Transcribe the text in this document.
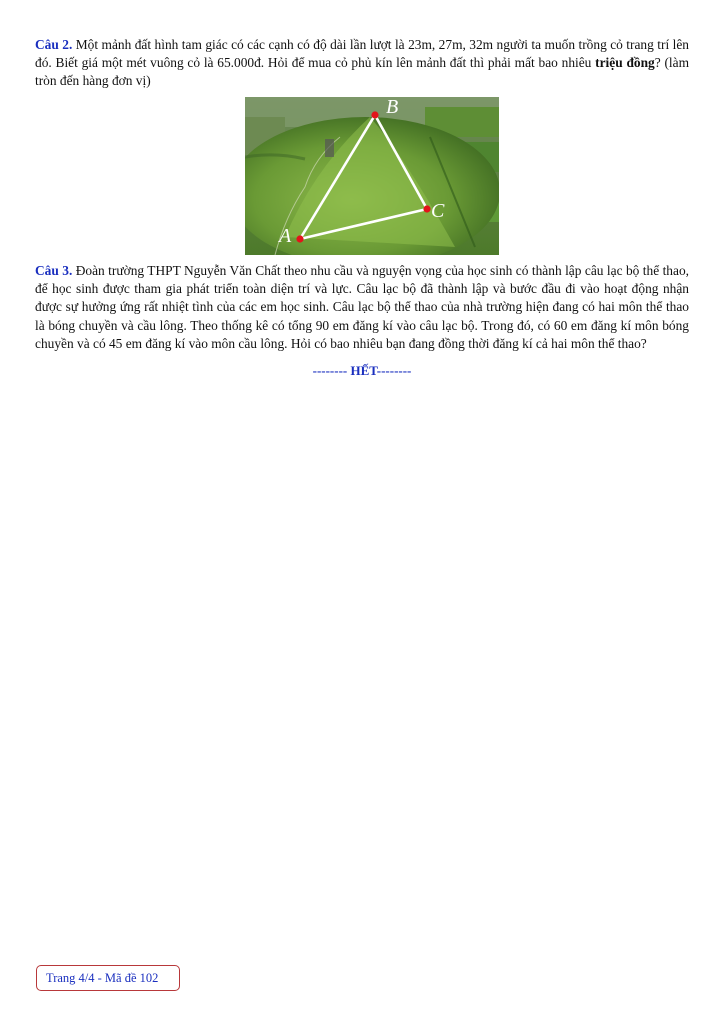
Câu 2. Một mảnh đất hình tam giác có các cạnh có độ dài lần lượt là 23m, 27m, 32m người ta muốn trồng cỏ trang trí lên đó. Biết giá một mét vuông cỏ là 65.000đ. Hỏi để mua cỏ phủ kín lên mảnh đất thì phải mất bao nhiêu triệu đồng? (làm tròn đến hàng đơn vị)

A
B
C

Câu 3. Đoàn trường THPT Nguyễn Văn Chất theo nhu cầu và nguyện vọng của học sinh có thành lập câu lạc bộ thể thao, để học sinh được tham gia phát triển toàn diện trí và lực. Câu lạc bộ đã thành lập và bước đầu đi vào hoạt động nhận được sự hưởng ứng rất nhiệt tình của các em học sinh. Câu lạc bộ thể thao của nhà trường hiện đang có hai môn thể thao là bóng chuyền và cầu lông. Theo thống kê có tổng 90 em đăng kí vào câu lạc bộ. Trong đó, có 60 em đăng kí môn bóng chuyền và có 45 em đăng kí vào môn cầu lông. Hỏi có bao nhiêu bạn đang đồng thời đăng kí cả hai môn thể thao?

-------- HẾT--------
Trang 4/4 - Mã đề 102
